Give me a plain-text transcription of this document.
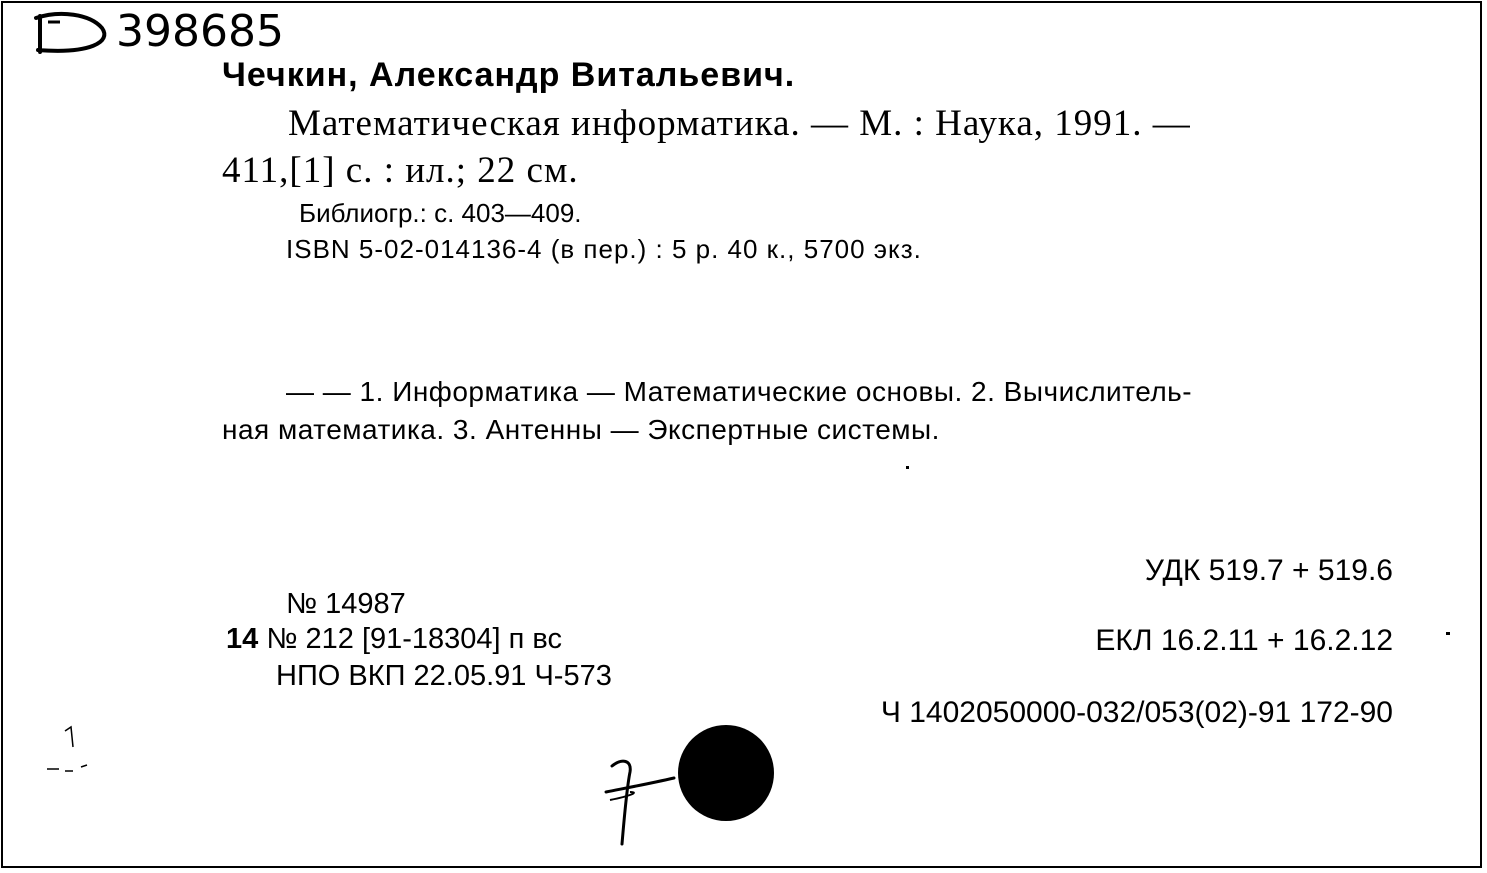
398685
Чечкин, Александр Витальевич.
Математическая информатика. — М. : Наука, 1991. —
411,[1] с. : ил.; 22 см.
Библиогр.: с. 403—409.
ISBN 5-02-014136-4 (в пер.) : 5 р. 40 к., 5700 экз.
— — 1. Информатика — Математические основы. 2. Вычислитель-
ная математика. 3. Антенны — Экспертные системы.
УДК 519.7 + 519.6
№ 14987
14 № 212 [91-18304] п вс	ЕКЛ 16.2.11 + 16.2.12
НПО ВКП 22.05.91 Ч-573
Ч 1402050000-032/053(02)-91 172-90
